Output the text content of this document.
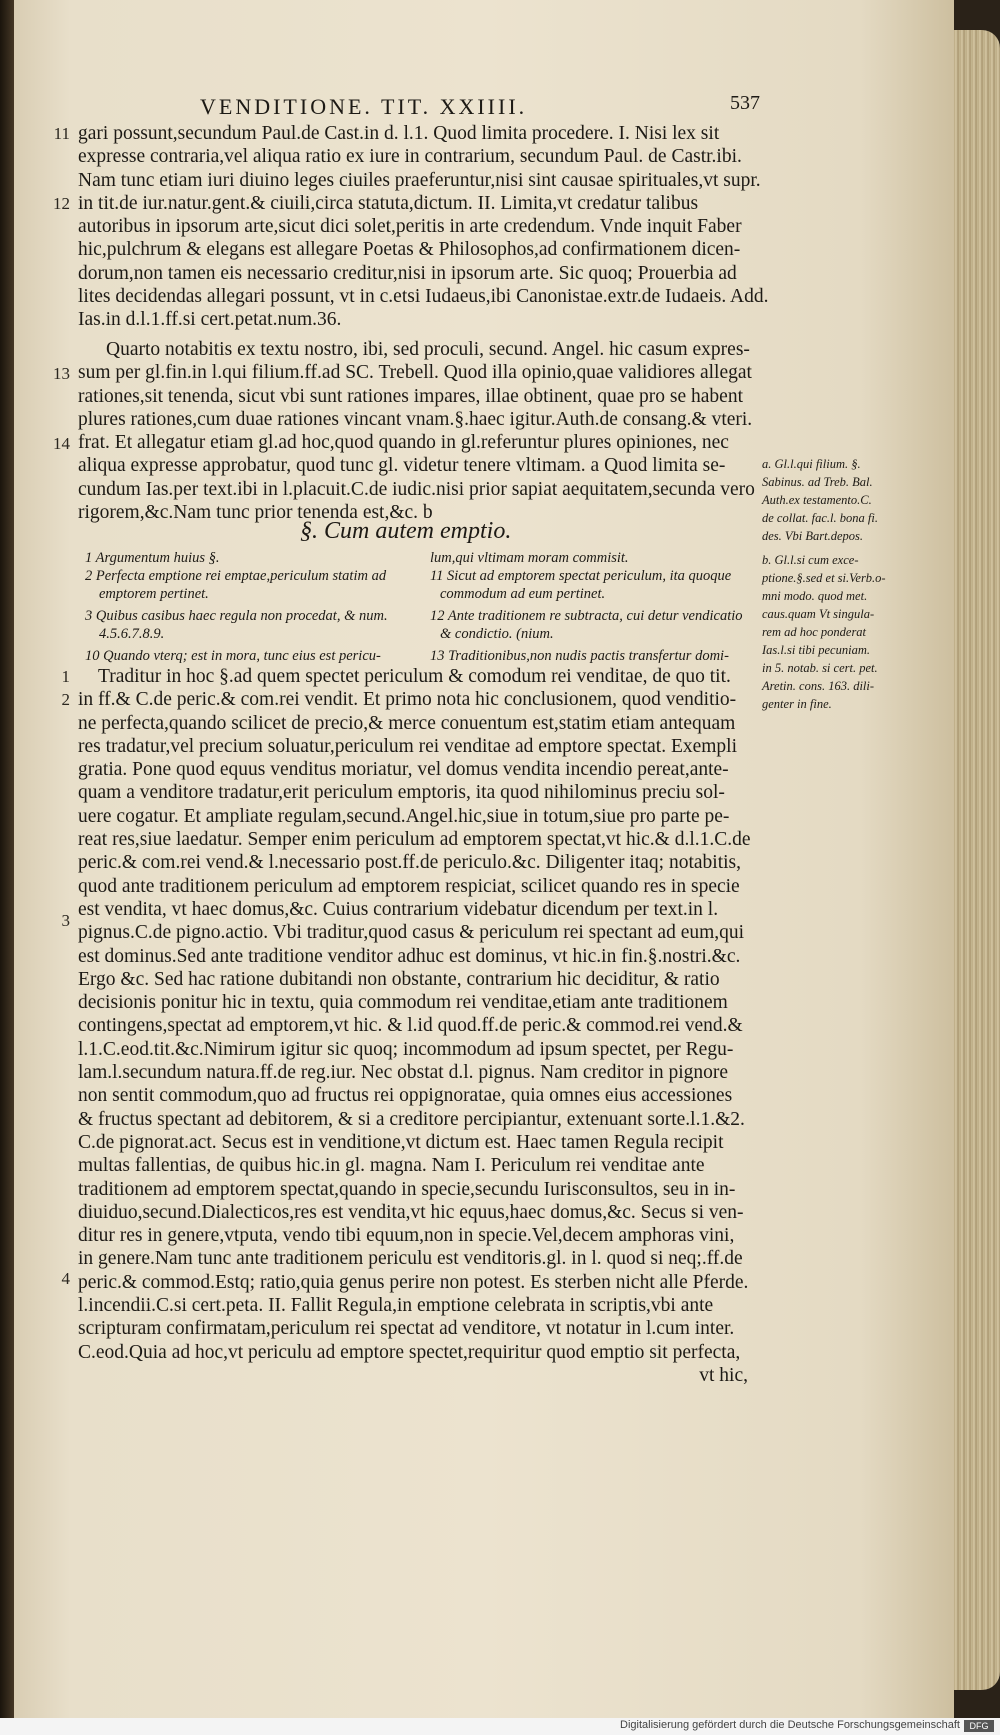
VENDITIONE. TIT. XXIIII.	537
gari possunt,secundum Paul.de Cast.in d. l.1. Quod limita procedere. I. Nisi lex sit
expresse contraria,vel aliqua ratio ex iure in contrarium, secundum Paul. de Castr.ibi.
Nam tunc etiam iuri diuino leges ciuiles praeferuntur,nisi sint causae spirituales,vt supr.
in tit.de iur.natur.gent.& ciuili,circa statuta,dictum. II. Limita,vt credatur talibus
autoribus in ipsorum arte,sicut dici solet,peritis in arte credendum. Vnde inquit Faber
hic,pulchrum & elegans est allegare Poetas & Philosophos,ad confirmationem dicen-
dorum,non tamen eis necessario creditur,nisi in ipsorum arte. Sic quoq; Prouerbia ad
lites decidendas allegari possunt, vt in c.etsi Iudaeus,ibi Canonistae.extr.de Iudaeis. Add.
Ias.in d.l.1.ff.si cert.petat.num.36.
Quarto notabitis ex textu nostro, ibi, sed proculi, secund. Angel. hic casum expres-
sum per gl.fin.in l.qui filium.ff.ad SC. Trebell. Quod illa opinio,quae validiores allegat
rationes,sit tenenda, sicut vbi sunt rationes impares, illae obtinent, quae pro se habent
plures rationes,cum duae rationes vincant vnam.§.haec igitur.Auth.de consang.& vteri.
frat. Et allegatur etiam gl.ad hoc,quod quando in gl.referuntur plures opiniones, nec
aliqua expresse approbatur, quod tunc gl. videtur tenere vltimam. a Quod limita se-
cundum Ias.per text.ibi in l.placuit.C.de iudic.nisi prior sapiat aequitatem,secunda vero
rigorem,&c.Nam tunc prior tenenda est,&c. b
§. Cum autem emptio.
1 Argumentum huius §.	lum,qui vltimam moram commisit.
2 Perfecta emptione rei emptae,periculum statim ad	11 Sicut ad emptorem spectat periculum, ita quoque
emptorem pertinet.	commodum ad eum pertinet.
3 Quibus casibus haec regula non procedat, & num.	12 Ante traditionem re subtracta, cui detur vendicatio
4.5.6.7.8.9.	& condictio. (nium.
10 Quando vterq; est in mora, tunc eius est pericu-	13 Traditionibus,non nudis pactis transfertur domi-
Traditur in hoc §.ad quem spectet periculum & comodum rei venditae, de quo tit.
in ff.& C.de peric.& com.rei vendit. Et primo nota hic conclusionem, quod venditio-
ne perfecta,quando scilicet de precio,& merce conuentum est,statim etiam antequam
res tradatur,vel precium soluatur,periculum rei venditae ad emptore spectat. Exempli
gratia. Pone quod equus venditus moriatur, vel domus vendita incendio pereat,ante-
quam a venditore tradatur,erit periculum emptoris, ita quod nihilominus preciu sol-
uere cogatur. Et ampliate regulam,secund.Angel.hic,siue in totum,siue pro parte pe-
reat res,siue laedatur. Semper enim periculum ad emptorem spectat,vt hic.& d.l.1.C.de
peric.& com.rei vend.& l.necessario post.ff.de periculo.&c. Diligenter itaq; notabitis,
quod ante traditionem periculum ad emptorem respiciat, scilicet quando res in specie
est vendita, vt haec domus,&c. Cuius contrarium videbatur dicendum per text.in l.
pignus.C.de pigno.actio. Vbi traditur,quod casus & periculum rei spectant ad eum,qui
est dominus.Sed ante traditione venditor adhuc est dominus, vt hic.in fin.§.nostri.&c.
Ergo &c. Sed hac ratione dubitandi non obstante, contrarium hic deciditur, & ratio
decisionis ponitur hic in textu, quia commodum rei venditae,etiam ante traditionem
contingens,spectat ad emptorem,vt hic. & l.id quod.ff.de peric.& commod.rei vend.&
l.1.C.eod.tit.&c.Nimirum igitur sic quoq; incommodum ad ipsum spectet, per Regu-
lam.l.secundum natura.ff.de reg.iur. Nec obstat d.l. pignus. Nam creditor in pignore
non sentit commodum,quo ad fructus rei oppignoratae, quia omnes eius accessiones
& fructus spectant ad debitorem, & si a creditore percipiantur, extenuant sorte.l.1.&2.
C.de pignorat.act. Secus est in venditione,vt dictum est. Haec tamen Regula recipit
multas fallentias, de quibus hic.in gl. magna. Nam I. Periculum rei venditae ante
traditionem ad emptorem spectat,quando in specie,secundu Iurisconsultos, seu in in-
diuiduo,secund.Dialecticos,res est vendita,vt hic equus,haec domus,&c. Secus si ven-
ditur res in genere,vtputa, vendo tibi equum,non in specie.Vel,decem amphoras vini,
in genere.Nam tunc ante traditionem periculu est venditoris.gl. in l. quod si neq;.ff.de
peric.& commod.Estq; ratio,quia genus perire non potest. Es sterben nicht alle Pferde.
l.incendii.C.si cert.peta. II. Fallit Regula,in emptione celebrata in scriptis,vbi ante
scripturam confirmatam,periculum rei spectat ad venditore, vt notatur in l.cum inter.
C.eod.Quia ad hoc,vt periculu ad emptore spectet,requiritur quod emptio sit perfecta,
vt hic,
11
12
13
14
1
2
3
4
a. Gl.l.qui filium. §.
Sabinus. ad Treb. Bal.
Auth.ex testamento.C.
de collat. fac.l. bona fi.
des. Vbi Bart.depos.
b. Gl.l.si cum exce-
ptione.§.sed et si.Verb.o-
mni modo. quod met.
caus.quam Vt singula-
rem ad hoc ponderat
Ias.l.si tibi pecuniam.
in 5. notab. si cert. pet.
Aretin. cons. 163. dili-
genter in fine.
Digitalisierung gefördert durch die Deutsche Forschungsgemeinschaft	DFG
